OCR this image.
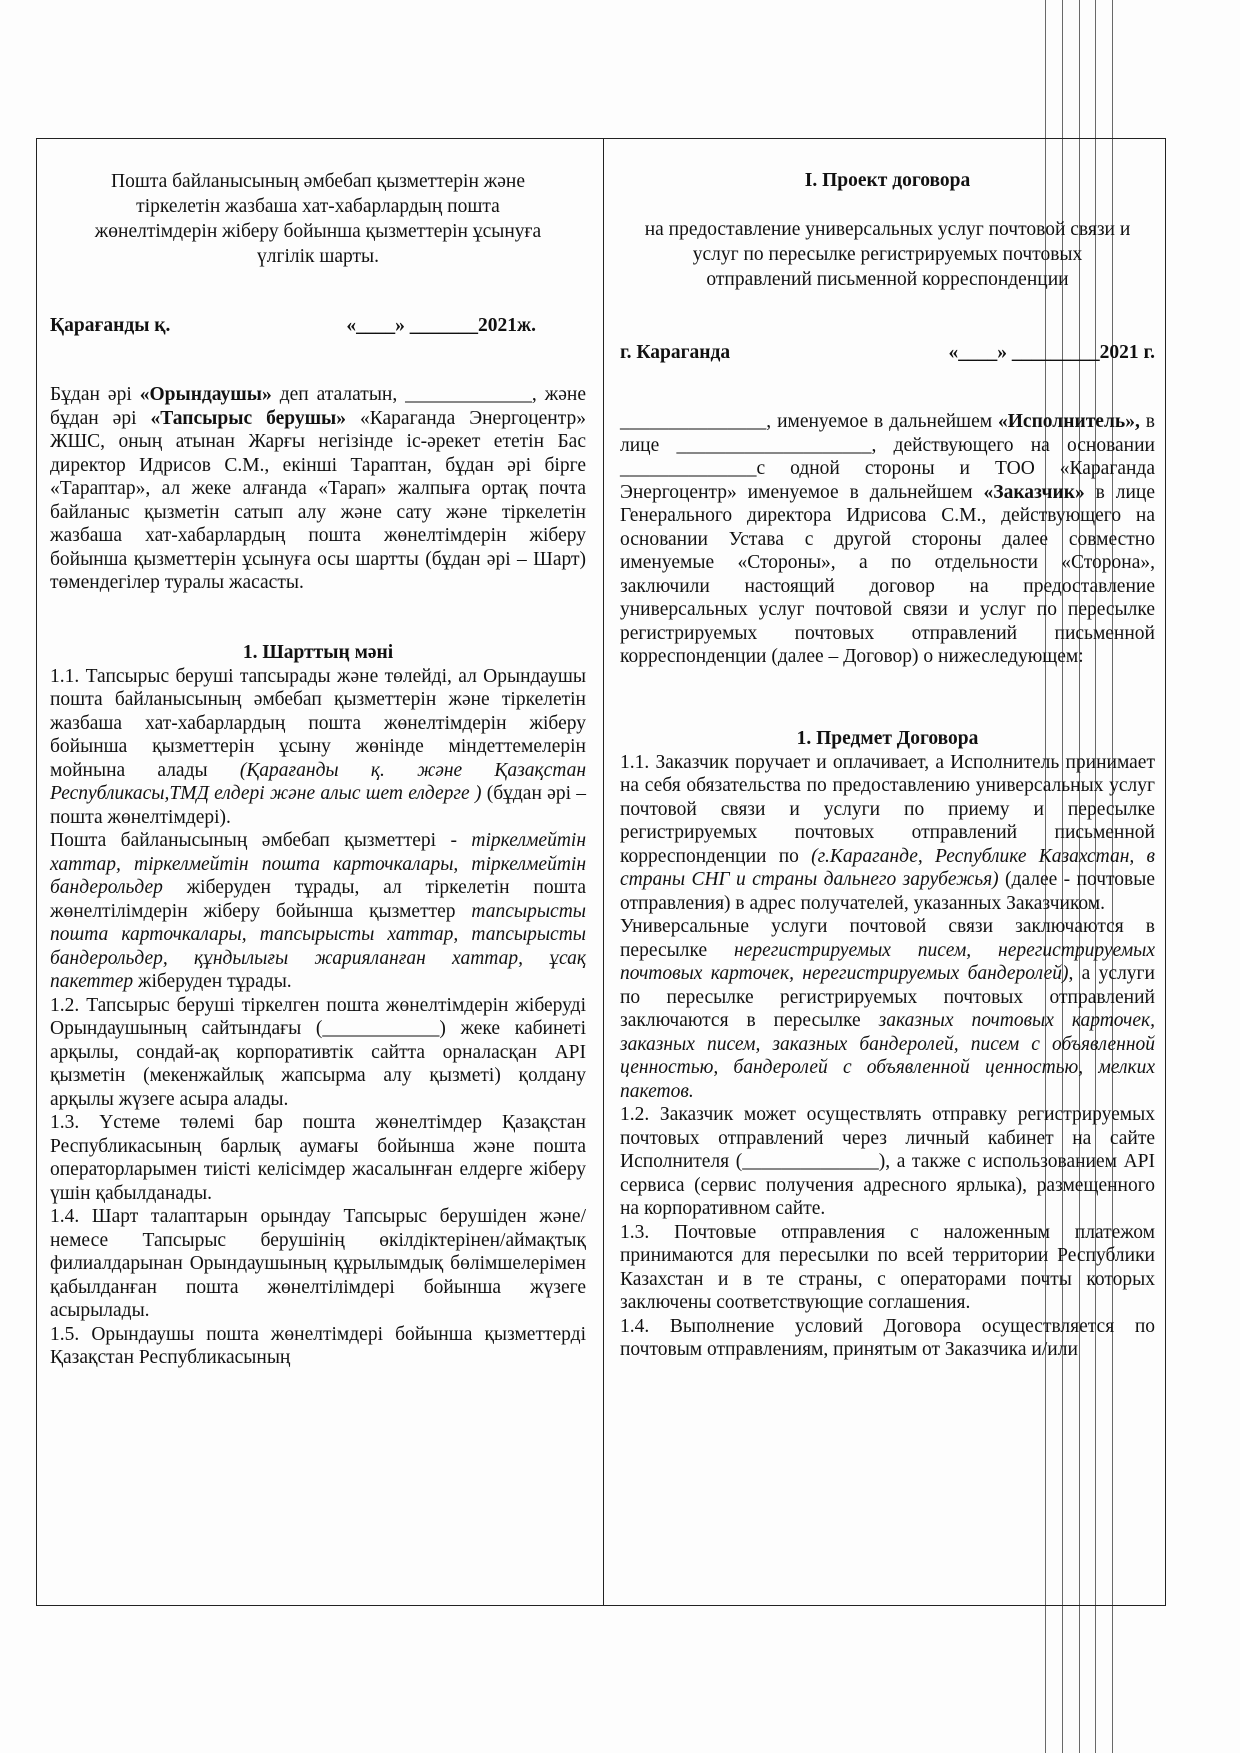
Пошта байланысының әмбебап қызметтерін және тіркелетін жазбаша хат-хабарлардың пошта жөнелтімдерін жіберу бойынша қызметтерін ұсынуға үлгілік шарты.

Қарағанды қ.	«____» _______2021ж.

Бұдан әрі «Орындаушы» деп аталатын, _____________, және бұдан әрі «Тапсырыс берушы» «Караганда Энергоцентр» ЖШС, оның атынан Жарғы негізінде іс-әрекет ететін Бас директор Идрисов С.М., екінші Тараптан, бұдан әрі бірге «Тараптар», ал жеке алғанда «Тарап» жалпыға ортақ почта байланыс қызметін сатып алу және сату және тіркелетін жазбаша хат-хабарлардың пошта жөнелтімдерін жіберу бойынша қызметтерін ұсынуға осы шартты (бұдан әрі – Шарт) төмендегілер туралы жасасты.

1. Шарттың мәні

1.1. Тапсырыс беруші тапсырады және төлейді, ал Орындаушы пошта байланысының әмбебап қызметтерін және тіркелетін жазбаша хат-хабарлардың пошта жөнелтімдерін жіберу бойынша қызметтерін ұсыну жөнінде міндеттемелерін мойнына алады (Қарағанды қ. және Қазақстан Республикасы,ТМД елдері және алыс шет елдерге ) (бұдан әрі – пошта жөнелтімдері).

Пошта байланысының әмбебап қызметтері - тіркелмейтін хаттар, тіркелмейтін пошта карточкалары, тіркелмейтін бандерольдер жіберуден тұрады, ал тіркелетін пошта жөнелтілімдерін жіберу бойынша қызметтер тапсырысты пошта карточкалары, тапсырысты хаттар, тапсырысты бандерольдер, құндылығы жарияланған хаттар, ұсақ пакеттер жіберуден тұрады.

1.2. Тапсырыс беруші тіркелген пошта жөнелтімдерін жіберуді Орындаушының сайтындағы (____________) жеке кабинеті арқылы, сондай-ақ корпоративтік сайтта орналасқан API қызметін (мекенжайлық жапсырма алу қызметі) қолдану арқылы жүзеге асыра алады.

1.3. Үстеме төлемі бар пошта жөнелтімдер Қазақстан Республикасының барлық аумағы бойынша және пошта операторларымен тиісті келісімдер жасалынған елдерге жіберу үшін қабылданады.

1.4. Шарт талаптарын орындау Тапсырыс берушіден және/немесе Тапсырыс берушінің өкілдіктерінен/аймақтық филиалдарынан Орындаушының құрылымдық бөлімшелерімен қабылданған пошта жөнелтілімдері бойынша жүзеге асырылады.

1.5. Орындаушы пошта жөнелтімдері бойынша қызметтерді Қазақстан Республикасының

I. Проект договора

на предоставление универсальных услуг почтовой связи и услуг по пересылке регистрируемых почтовых отправлений письменной корреспонденции

г. Караганда	«____» _________2021 г.

_______________, именуемое в дальнейшем «Исполнитель», в лице ____________________, действующего на основании ______________с одной стороны и ТОО «Караганда Энергоцентр» именуемое в дальнейшем «Заказчик» в лице Генерального директора Идрисова С.М., действующего на основании Устава с другой стороны далее совместно именуемые «Стороны», а по отдельности «Сторона», заключили настоящий договор на предоставление универсальных услуг почтовой связи и услуг по пересылке регистрируемых почтовых отправлений письменной корреспонденции (далее – Договор) о нижеследующем:

1. Предмет Договора

1.1. Заказчик поручает и оплачивает, а Исполнитель принимает на себя обязательства по предоставлению универсальных услуг почтовой связи и услуги по приему и пересылке регистрируемых почтовых отправлений письменной корреспонденции по (г.Караганде, Республике Казахстан, в страны СНГ и страны дальнего зарубежья) (далее - почтовые отправления) в адрес получателей, указанных Заказчиком.

Универсальные услуги почтовой связи заключаются в пересылке нерегистрируемых писем, нерегистрируемых почтовых карточек, нерегистрируемых бандеролей), а услуги по пересылке регистрируемых почтовых отправлений заключаются в пересылке заказных почтовых карточек, заказных писем, заказных бандеролей, писем с объявленной ценностью, бандеролей с объявленной ценностью, мелких пакетов.

1.2. Заказчик может осуществлять отправку регистрируемых почтовых отправлений через личный кабинет на сайте Исполнителя (______________), а также с использованием API сервиса (сервис получения адресного ярлыка), размещенного на корпоративном сайте.

1.3. Почтовые отправления с наложенным платежом принимаются для пересылки по всей территории Республики Казахстан и в те страны, с операторами почты которых заключены соответствующие соглашения.

1.4. Выполнение условий Договора осуществляется по почтовым отправлениям, принятым от Заказчика и/или
